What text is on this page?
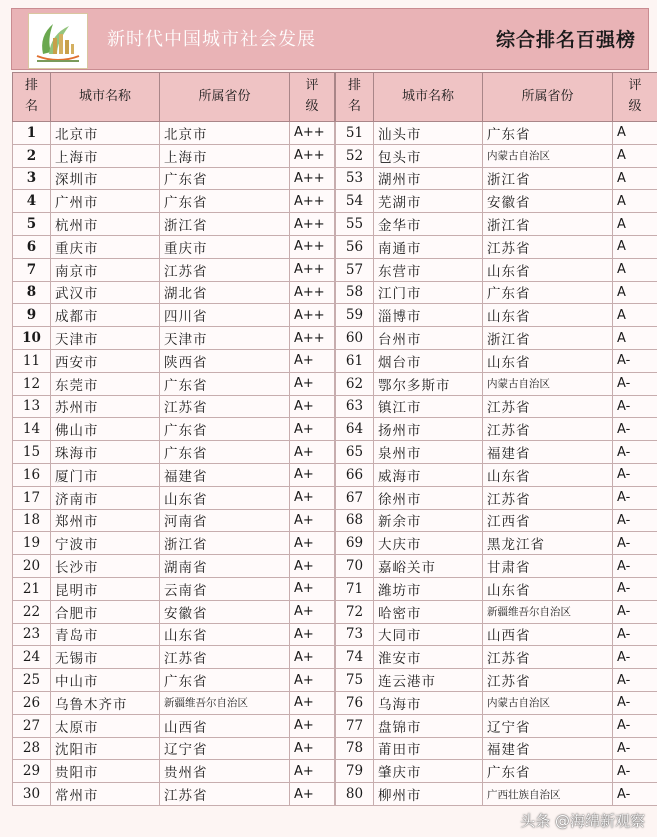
新时代中国城市社会发展	综合排名百强榜
排名	城市名称	所属省份	评级
1	北京市	北京市	A++
2	上海市	上海市	A++
3	深圳市	广东省	A++
4	广州市	广东省	A++
5	杭州市	浙江省	A++
6	重庆市	重庆市	A++
7	南京市	江苏省	A++
8	武汉市	湖北省	A++
9	成都市	四川省	A++
10	天津市	天津市	A++
11	西安市	陕西省	A+
12	东莞市	广东省	A+
13	苏州市	江苏省	A+
14	佛山市	广东省	A+
15	珠海市	广东省	A+
16	厦门市	福建省	A+
17	济南市	山东省	A+
18	郑州市	河南省	A+
19	宁波市	浙江省	A+
20	长沙市	湖南省	A+
21	昆明市	云南省	A+
22	合肥市	安徽省	A+
23	青岛市	山东省	A+
24	无锡市	江苏省	A+
25	中山市	广东省	A+
26	乌鲁木齐市	新疆维吾尔自治区	A+
27	太原市	山西省	A+
28	沈阳市	辽宁省	A+
29	贵阳市	贵州省	A+
30	常州市	江苏省	A+
排名	城市名称	所属省份	评级
51	汕头市	广东省	A
52	包头市	内蒙古自治区	A
53	湖州市	浙江省	A
54	芜湖市	安徽省	A
55	金华市	浙江省	A
56	南通市	江苏省	A
57	东营市	山东省	A
58	江门市	广东省	A
59	淄博市	山东省	A
60	台州市	浙江省	A
61	烟台市	山东省	A-
62	鄂尔多斯市	内蒙古自治区	A-
63	镇江市	江苏省	A-
64	扬州市	江苏省	A-
65	泉州市	福建省	A-
66	威海市	山东省	A-
67	徐州市	江苏省	A-
68	新余市	江西省	A-
69	大庆市	黑龙江省	A-
70	嘉峪关市	甘肃省	A-
71	潍坊市	山东省	A-
72	哈密市	新疆维吾尔自治区	A-
73	大同市	山西省	A-
74	淮安市	江苏省	A-
75	连云港市	江苏省	A-
76	乌海市	内蒙古自治区	A-
77	盘锦市	辽宁省	A-
78	莆田市	福建省	A-
79	肇庆市	广东省	A-
80	柳州市	广西壮族自治区	A-
头条 @海绵新观察
